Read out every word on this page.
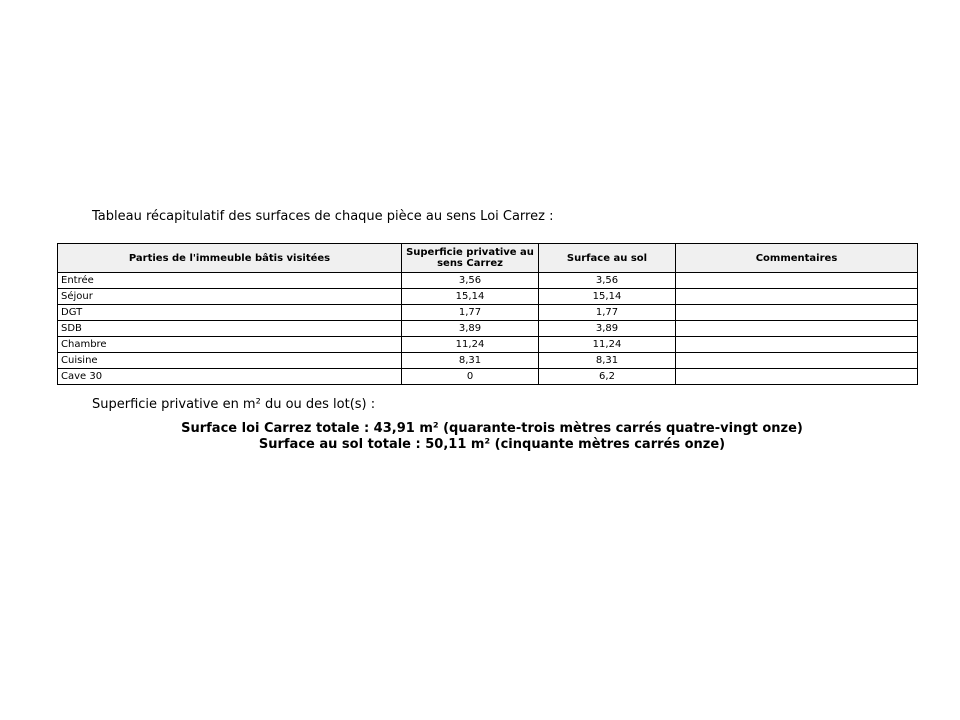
Tableau récapitulatif des surfaces de chaque pièce au sens Loi Carrez :
Parties de l'immeuble bâtis visitées	Superficie privative au sens Carrez	Surface au sol	Commentaires
Entrée	3,56	3,56	
Séjour	15,14	15,14	
DGT	1,77	1,77	
SDB	3,89	3,89	
Chambre	11,24	11,24	
Cuisine	8,31	8,31	
Cave 30	0	6,2	
Superficie privative en m² du ou des lot(s) :
Surface loi Carrez totale : 43,91 m² (quarante-trois mètres carrés quatre-vingt onze)
Surface au sol totale : 50,11 m² (cinquante mètres carrés onze)
